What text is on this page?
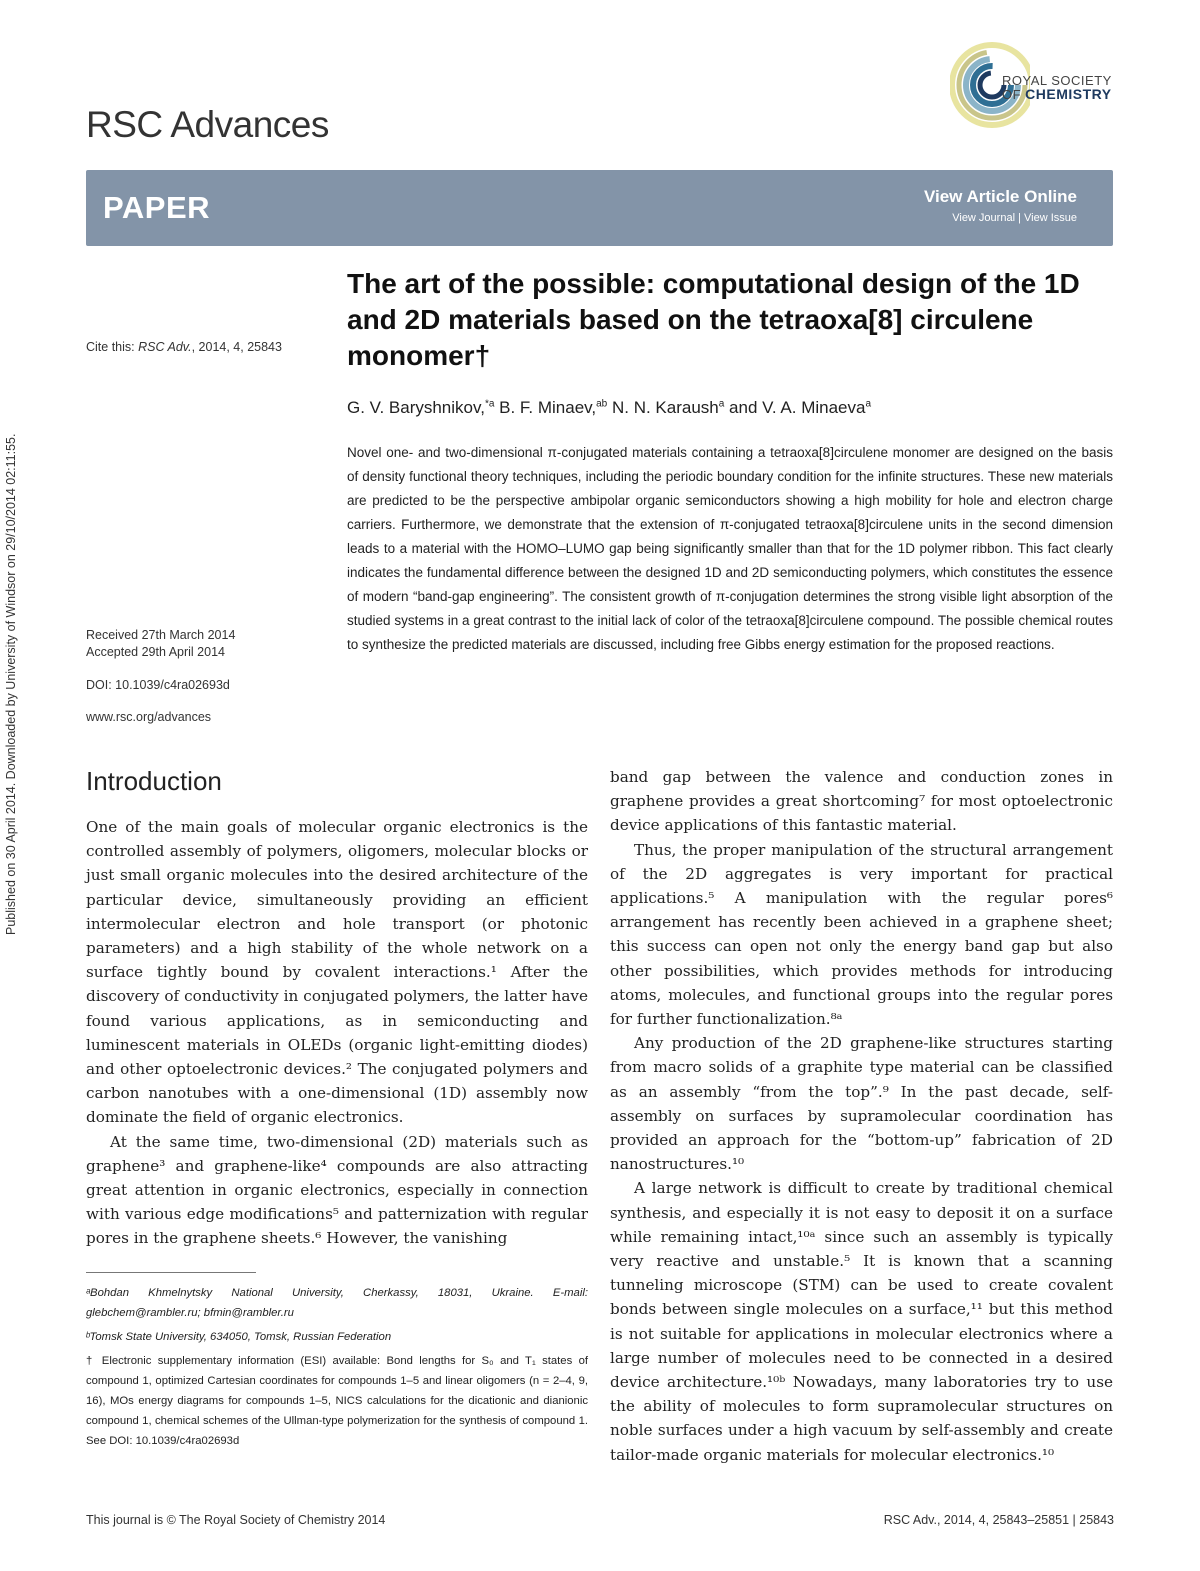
Published on 30 April 2014. Downloaded by University of Windsor on 29/10/2014 02:11:55.
RSC Advances
ROYAL SOCIETY
OF CHEMISTRY
PAPER	View Article Online
View Journal | View Issue
The art of the possible: computational design of the 1D and 2D materials based on the tetraoxa[8] circulene monomer†
G. V. Baryshnikov,$^{*a}$ B. F. Minaev,$^{ab}$ N. N. Karaush$^a$ and V. A. Minaeva$^a$
Cite this: RSC Adv., 2014, 4, 25843
Received 27th March 2014
Accepted 29th April 2014
DOI: 10.1039/c4ra02693d
www.rsc.org/advances
Novel one- and two-dimensional π-conjugated materials containing a tetraoxa[8]circulene monomer are designed on the basis of density functional theory techniques, including the periodic boundary condition for the infinite structures. These new materials are predicted to be the perspective ambipolar organic semiconductors showing a high mobility for hole and electron charge carriers. Furthermore, we demonstrate that the extension of π-conjugated tetraoxa[8]circulene units in the second dimension leads to a material with the HOMO–LUMO gap being significantly smaller than that for the 1D polymer ribbon. This fact clearly indicates the fundamental difference between the designed 1D and 2D semiconducting polymers, which constitutes the essence of modern “band-gap engineering”. The consistent growth of π-conjugation determines the strong visible light absorption of the studied systems in a great contrast to the initial lack of color of the tetraoxa[8]circulene compound. The possible chemical routes to synthesize the predicted materials are discussed, including free Gibbs energy estimation for the proposed reactions.
Introduction

One of the main goals of molecular organic electronics is the controlled assembly of polymers, oligomers, molecular blocks or just small organic molecules into the desired architecture of the particular device, simultaneously providing an efficient intermolecular electron and hole transport (or photonic parameters) and a high stability of the whole network on a surface tightly bound by covalent interactions.¹ After the discovery of conductivity in conjugated polymers, the latter have found various applications, as in semiconducting and luminescent materials in OLEDs (organic light-emitting diodes) and other optoelectronic devices.² The conjugated polymers and carbon nanotubes with a one-dimensional (1D) assembly now dominate the field of organic electronics.

At the same time, two-dimensional (2D) materials such as graphene³ and graphene-like⁴ compounds are also attracting great attention in organic electronics, especially in connection with various edge modifications⁵ and patternization with regular pores in the graphene sheets.⁶ However, the vanishing

band gap between the valence and conduction zones in graphene provides a great shortcoming⁷ for most optoelectronic device applications of this fantastic material.

Thus, the proper manipulation of the structural arrangement of the 2D aggregates is very important for practical applications.⁵ A manipulation with the regular pores⁶ arrangement has recently been achieved in a graphene sheet; this success can open not only the energy band gap but also other possibilities, which provides methods for introducing atoms, molecules, and functional groups into the regular pores for further functionalization.⁸ᵃ

Any production of the 2D graphene-like structures starting from macro solids of a graphite type material can be classified as an assembly “from the top”.⁹ In the past decade, self-assembly on surfaces by supramolecular coordination has provided an approach for the “bottom-up” fabrication of 2D nanostructures.¹⁰

A large network is difficult to create by traditional chemical synthesis, and especially it is not easy to deposit it on a surface while remaining intact,¹⁰ᵃ since such an assembly is typically very reactive and unstable.⁵ It is known that a scanning tunneling microscope (STM) can be used to create covalent bonds between single molecules on a surface,¹¹ but this method is not suitable for applications in molecular electronics where a large number of molecules need to be connected in a desired device architecture.¹⁰ᵇ Nowadays, many laboratories try to use the ability of molecules to form supramolecular structures on noble surfaces under a high vacuum by self-assembly and create tailor-made organic materials for molecular electronics.¹⁰

ᵃBohdan Khmelnytsky National University, Cherkassy, 18031, Ukraine. E-mail: glebchem@rambler.ru; bfmin@rambler.ru

ᵇTomsk State University, 634050, Tomsk, Russian Federation

† Electronic supplementary information (ESI) available: Bond lengths for S₀ and T₁ states of compound 1, optimized Cartesian coordinates for compounds 1–5 and linear oligomers (n = 2–4, 9, 16), MOs energy diagrams for compounds 1–5, NICS calculations for the dicationic and dianionic compound 1, chemical schemes of the Ullman-type polymerization for the synthesis of compound 1. See DOI: 10.1039/c4ra02693d

This journal is © The Royal Society of Chemistry 2014	RSC Adv., 2014, 4, 25843–25851 | 25843
